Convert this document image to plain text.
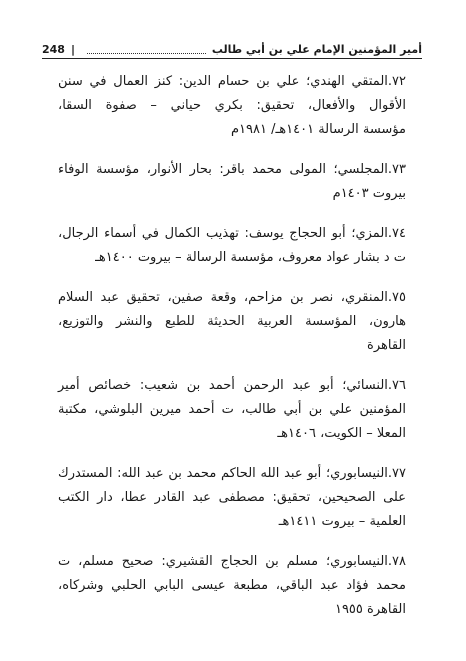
248 |	أمير المؤمنين الإمام علي بن أبي طالب
٧٢.المتقي الهندي؛ علي بن حسام الدين: كنز العمال في سنن
الأقوال والأفعال، تحقيق: بكري حياني – صفوة السقا،
مؤسسة الرسالة ١٤٠١هـ/ ١٩٨١م
٧٣.المجلسي؛ المولى محمد باقر: بحار الأنوار، مؤسسة الوفاء
بيروت ١٤٠٣م
٧٤.المزي؛ أبو الحجاج يوسف: تهذيب الكمال في أسماء الرجال،
ت د بشار عواد معروف، مؤسسة الرسالة – بيروت ١٤٠٠هـ
٧٥.المنقري، نصر بن مزاحم، وقعة صفين، تحقيق عبد السلام
هارون، المؤسسة العربية الحديثة للطبع والنشر والتوزيع،
القاهرة
٧٦.النسائي؛ أبو عبد الرحمن أحمد بن شعيب: خصائص أمير
المؤمنين علي بن أبي طالب، ت أحمد ميرين البلوشي، مكتبة
المعلا – الكويت، ١٤٠٦هـ
٧٧.النيسابوري؛ أبو عبد الله الحاكم محمد بن عبد الله: المستدرك
على الصحيحين، تحقيق: مصطفى عبد القادر عطا، دار الكتب
العلمية – بيروت ١٤١١هـ
٧٨.النيسابوري؛ مسلم بن الحجاج القشيري: صحيح مسلم، ت
محمد فؤاد عبد الباقي، مطبعة عيسى البابي الحلبي وشركاه،
القاهرة ١٩٥٥
